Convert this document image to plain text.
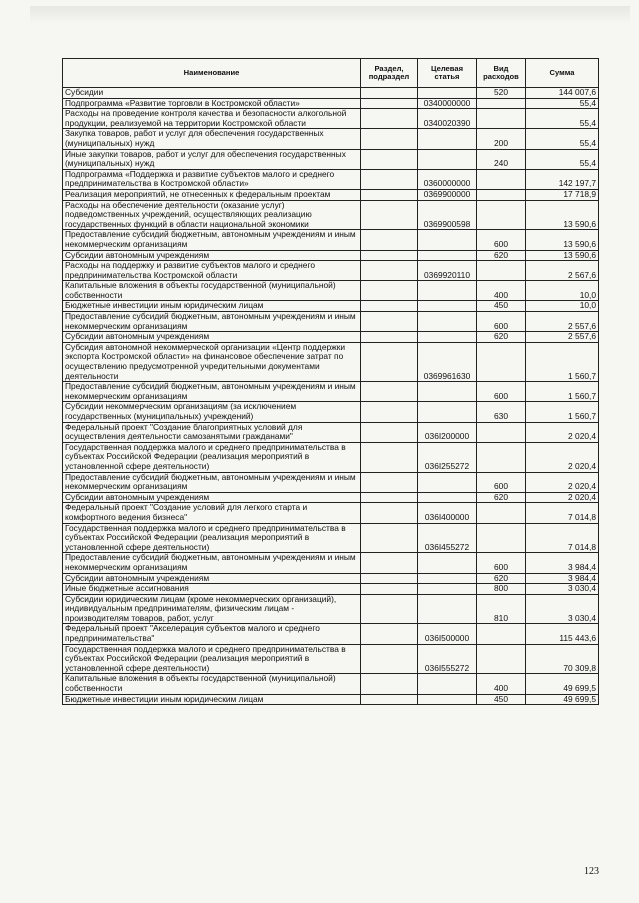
Наименование	Раздел, подраздел	Целевая статья	Вид расходов	Сумма
Субсидии			520	144 007,6
Подпрограмма «Развитие торговли в Костромской области»		0340000000		55,4
Расходы на проведение контроля качества и безопасности алкогольной продукции, реализуемой на территории Костромской области		0340020390		55,4
Закупка товаров, работ и услуг для обеспечения государственных (муниципальных) нужд			200	55,4
Иные закупки товаров, работ и услуг для обеспечения государственных (муниципальных) нужд			240	55,4
Подпрограмма «Поддержка и развитие субъектов малого и среднего предпринимательства в Костромской области»		0360000000		142 197,7
Реализация мероприятий, не отнесенных к федеральным проектам		0369900000		17 718,9
Расходы на обеспечение деятельности (оказание услуг) подведомственных учреждений, осуществляющих реализацию государственных функций в области национальной экономики		0369900598		13 590,6
Предоставление субсидий бюджетным, автономным учреждениям и иным некоммерческим организациям			600	13 590,6
Субсидии автономным учреждениям			620	13 590,6
Расходы на поддержку и развитие субъектов малого и среднего предпринимательства Костромской области		0369920110		2 567,6
Капитальные вложения в объекты государственной (муниципальной) собственности			400	10,0
Бюджетные инвестиции иным юридическим лицам			450	10,0
Предоставление субсидий бюджетным, автономным учреждениям и иным некоммерческим организациям			600	2 557,6
Субсидии автономным учреждениям			620	2 557,6
Субсидия автономной некоммерческой организации «Центр поддержки экспорта Костромской области» на финансовое обеспечение затрат по осуществлению предусмотренной учредительными документами деятельности		0369961630		1 560,7
Предоставление субсидий бюджетным, автономным учреждениям и иным некоммерческим организациям			600	1 560,7
Субсидии некоммерческим организациям (за исключением государственных (муниципальных) учреждений)			630	1 560,7
Федеральный проект "Создание благоприятных условий для осуществления деятельности самозанятыми гражданами"		036I200000		2 020,4
Государственная поддержка малого и среднего предпринимательства в субъектах Российской Федерации (реализация мероприятий в установленной сфере деятельности)		036I255272		2 020,4
Предоставление субсидий бюджетным, автономным учреждениям и иным некоммерческим организациям			600	2 020,4
Субсидии автономным учреждениям			620	2 020,4
Федеральный проект "Создание условий для легкого старта и комфортного ведения бизнеса"		036I400000		7 014,8
Государственная поддержка малого и среднего предпринимательства в субъектах Российской Федерации (реализация мероприятий в установленной сфере деятельности)		036I455272		7 014,8
Предоставление субсидий бюджетным, автономным учреждениям и иным некоммерческим организациям			600	3 984,4
Субсидии автономным учреждениям			620	3 984,4
Иные бюджетные ассигнования			800	3 030,4
Субсидии юридическим лицам (кроме некоммерческих организаций), индивидуальным предпринимателям, физическим лицам - производителям товаров, работ, услуг			810	3 030,4
Федеральный проект "Акселерация субъектов малого и среднего предпринимательства"		036I500000		115 443,6
Государственная поддержка малого и среднего предпринимательства в субъектах Российской Федерации (реализация мероприятий в установленной сфере деятельности)		036I555272		70 309,8
Капитальные вложения в объекты государственной (муниципальной) собственности			400	49 699,5
Бюджетные инвестиции иным юридическим лицам			450	49 699,5
123
